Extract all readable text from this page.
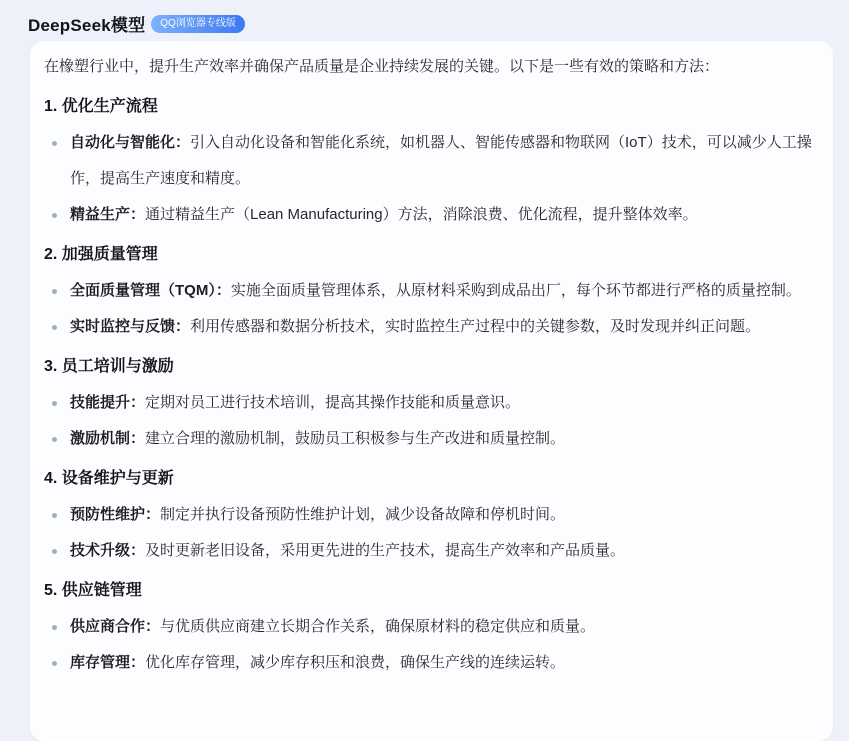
DeepSeek模型	QQ浏览器专线版

在橡塑行业中，提升生产效率并确保产品质量是企业持续发展的关键。以下是一些有效的策略和方法：

1. 优化生产流程
自动化与智能化：引入自动化设备和智能化系统，如机器人、智能传感器和物联网（IoT）技术，可以减少人工操作，提高生产速度和精度。
精益生产：通过精益生产（Lean Manufacturing）方法，消除浪费、优化流程，提升整体效率。
2. 加强质量管理
全面质量管理（TQM）：实施全面质量管理体系，从原材料采购到成品出厂，每个环节都进行严格的质量控制。
实时监控与反馈：利用传感器和数据分析技术，实时监控生产过程中的关键参数，及时发现并纠正问题。
3. 员工培训与激励
技能提升：定期对员工进行技术培训，提高其操作技能和质量意识。
激励机制：建立合理的激励机制，鼓励员工积极参与生产改进和质量控制。
4. 设备维护与更新
预防性维护：制定并执行设备预防性维护计划，减少设备故障和停机时间。
技术升级：及时更新老旧设备，采用更先进的生产技术，提高生产效率和产品质量。
5. 供应链管理
供应商合作：与优质供应商建立长期合作关系，确保原材料的稳定供应和质量。
库存管理：优化库存管理，减少库存积压和浪费，确保生产线的连续运转。
